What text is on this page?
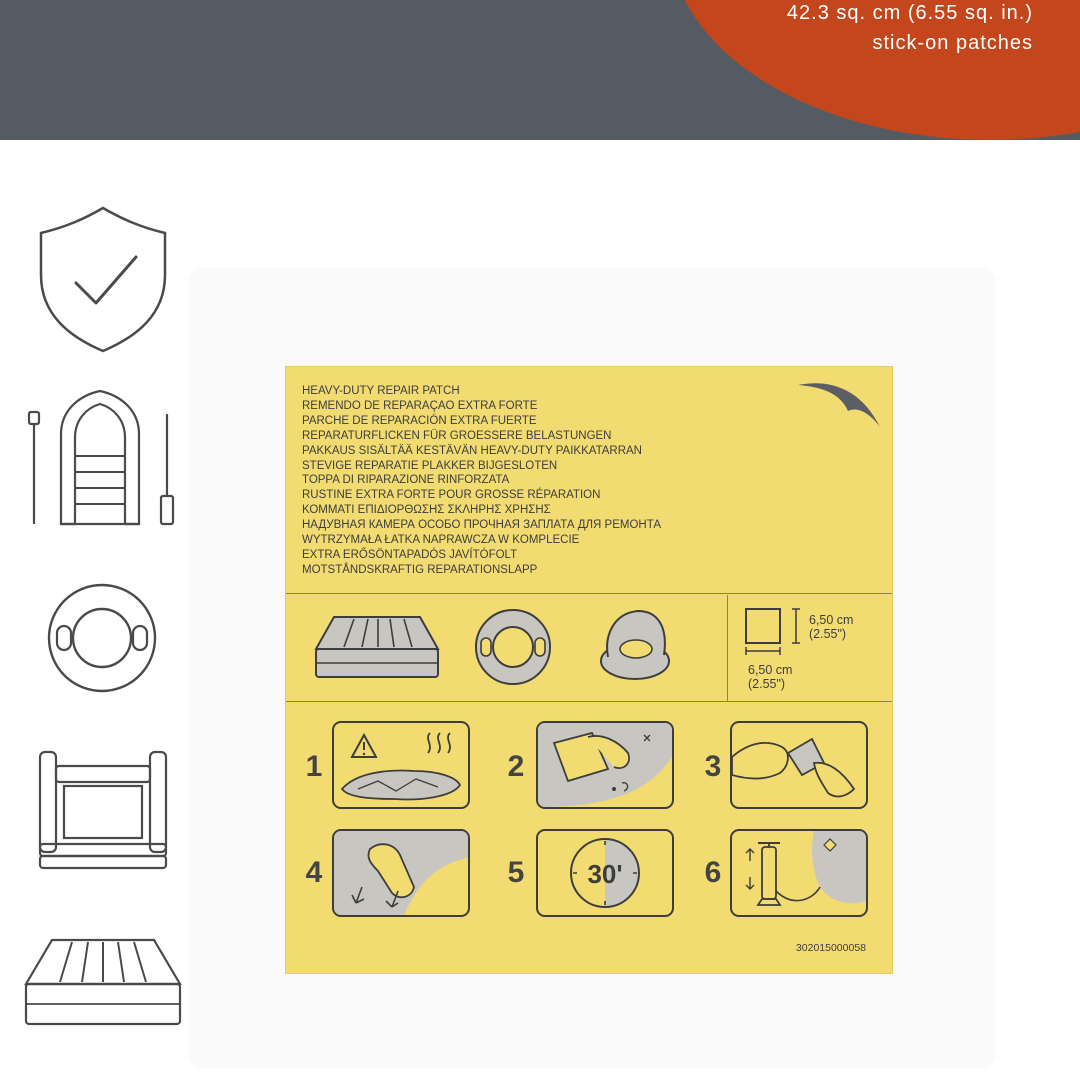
42.3 sq. cm (6.55 sq. in.)
stick-on patches
HEAVY-DUTY REPAIR PATCH
REMENDO DE REPARAÇAO EXTRA FORTE
PARCHE DE REPARACIÓN EXTRA FUERTE
REPARATURFLICKEN FÜR GROESSERE BELASTUNGEN
PAKKAUS SISÄLTÄÄ KESTÄVÄN HEAVY-DUTY PAIKKATARRAN
STEVIGE REPARATIE PLAKKER BIJGESLOTEN
TOPPA DI RIPARAZIONE RINFORZATA
RUSTINE EXTRA FORTE POUR GROSSE RÉPARATION
ΚΟΜΜΑΤΙ ΕΠΙΔΙΟΡΘΩΣΗΣ ΣΚΛΗΡΗΣ ΧΡΗΣΗΣ
НАДУВНАЯ КАМЕРА ОСОБО ПРОЧНАЯ ЗАПЛАТА ДЛЯ РЕМОНТА
WYTRZYMAŁA ŁATKA NAPRAWCZA W KOMPLECIE
EXTRA ERŐSÖNTAPADÓS JAVÍTÓFOLT
MOTSTÅNDSKRAFTIG REPARATIONSLAPP
6,50 cm
(2.55")
6,50 cm
(2.55")
1	2	3
4	5 30'	6
302015000058
